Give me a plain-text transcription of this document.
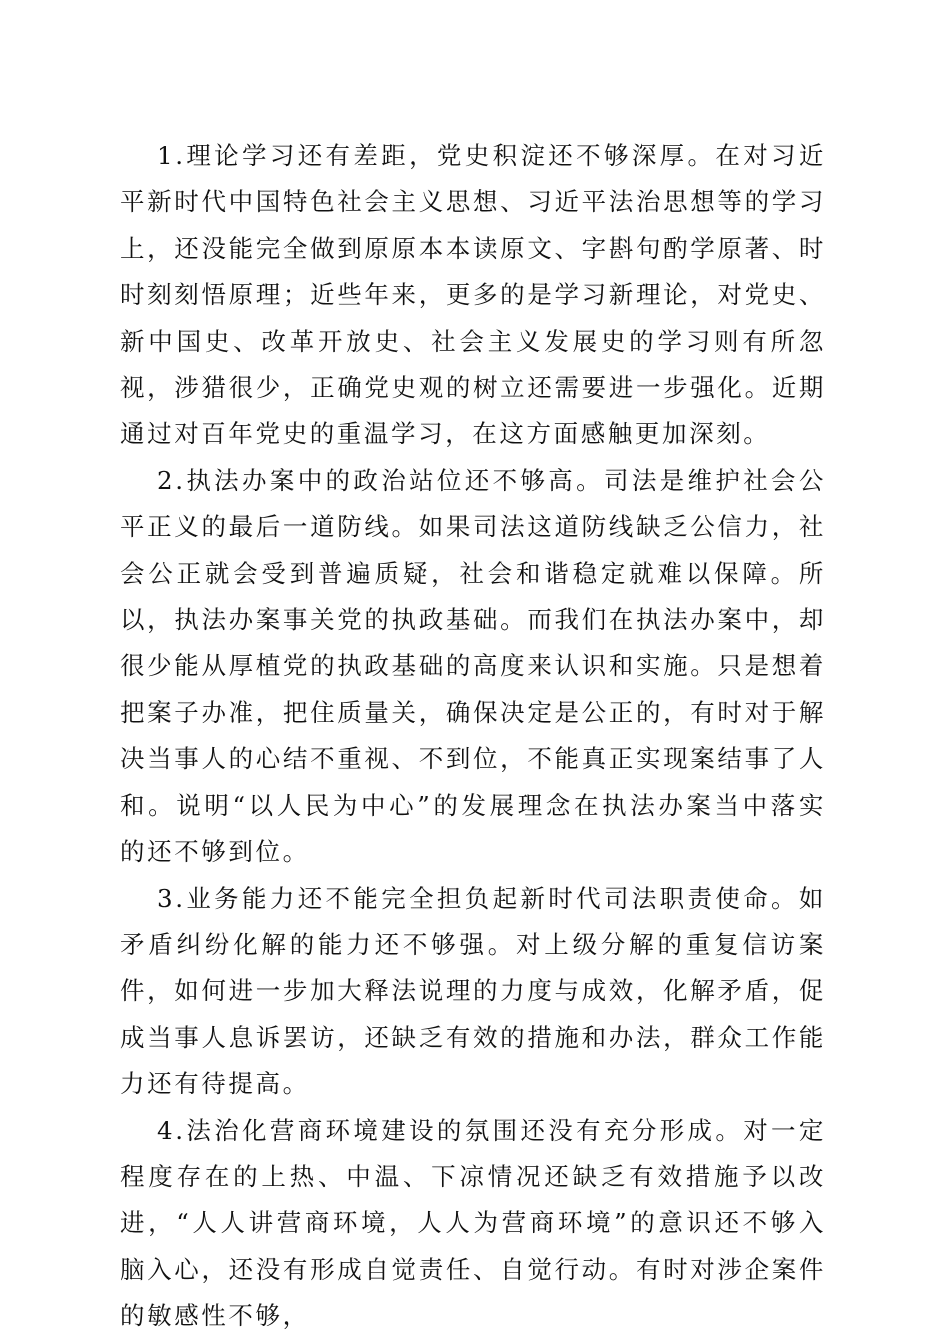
1.理论学习还有差距，党史积淀还不够深厚。在对习近平新时代中国特色社会主义思想、习近平法治思想等的学习上，还没能完全做到原原本本读原文、字斟句酌学原著、时时刻刻悟原理；近些年来，更多的是学习新理论，对党史、新中国史、改革开放史、社会主义发展史的学习则有所忽视，涉猎很少，正确党史观的树立还需要进一步强化。近期通过对百年党史的重温学习，在这方面感触更加深刻。

2.执法办案中的政治站位还不够高。司法是维护社会公平正义的最后一道防线。如果司法这道防线缺乏公信力，社会公正就会受到普遍质疑，社会和谐稳定就难以保障。所以，执法办案事关党的执政基础。而我们在执法办案中，却很少能从厚植党的执政基础的高度来认识和实施。只是想着把案子办准，把住质量关，确保决定是公正的，有时对于解决当事人的心结不重视、不到位，不能真正实现案结事了人和。说明“以人民为中心”的发展理念在执法办案当中落实的还不够到位。

3.业务能力还不能完全担负起新时代司法职责使命。如矛盾纠纷化解的能力还不够强。对上级分解的重复信访案件，如何进一步加大释法说理的力度与成效，化解矛盾，促成当事人息诉罢访，还缺乏有效的措施和办法，群众工作能力还有待提高。

4.法治化营商环境建设的氛围还没有充分形成。对一定程度存在的上热、中温、下凉情况还缺乏有效措施予以改进，“人人讲营商环境，人人为营商环境”的意识还不够入脑入心，还没有形成自觉责任、自觉行动。有时对涉企案件的敏感性不够，
